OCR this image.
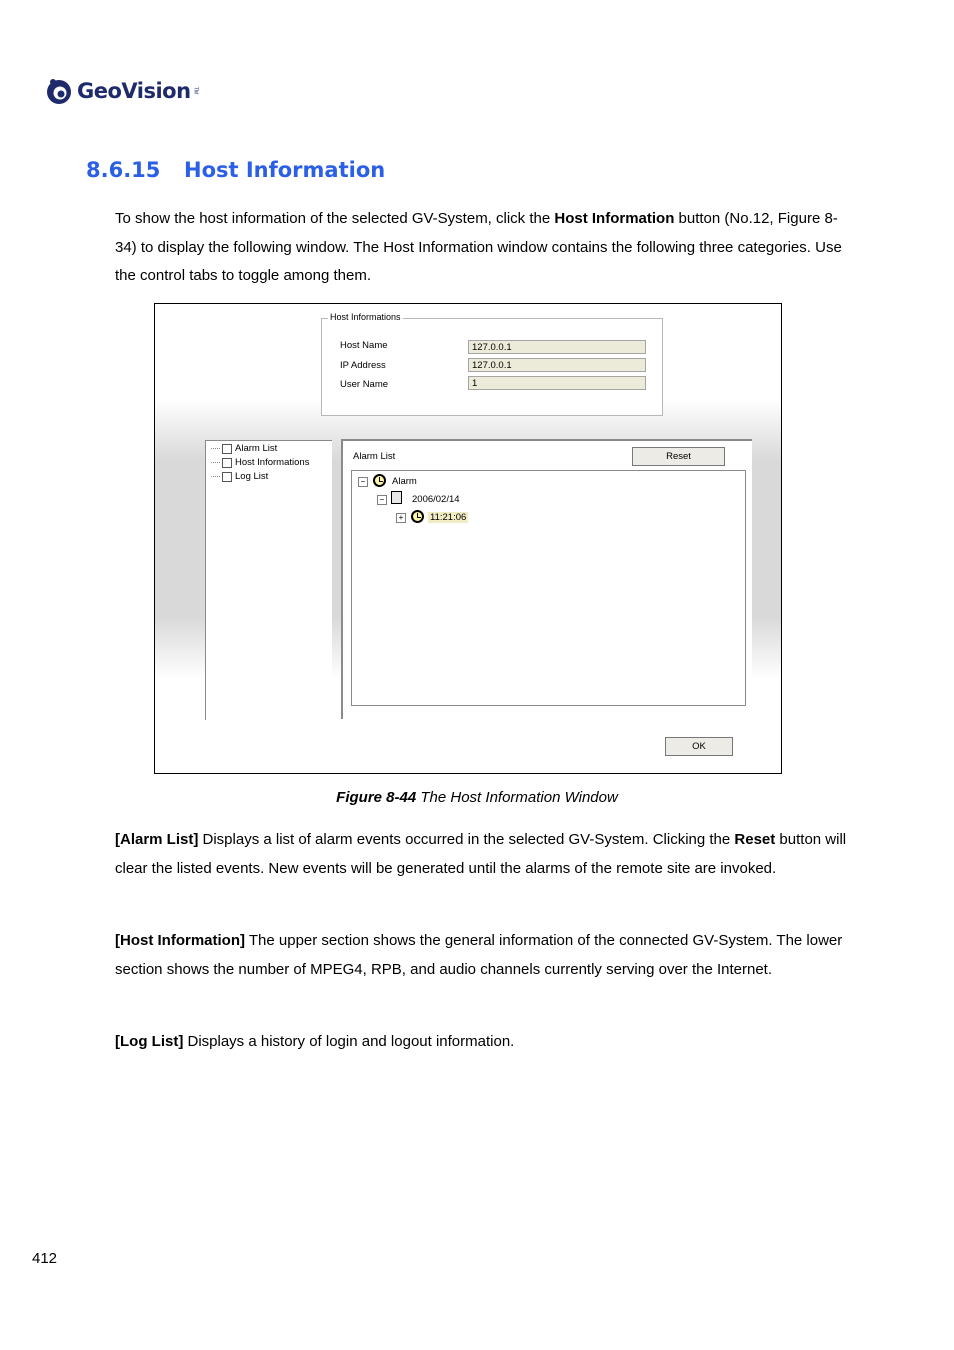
GeoVision TM
8.6.15 Host Information
To show the host information of the selected GV-System, click the Host Information button (No.12, Figure 8-34) to display the following window. The Host Information window contains the following three categories. Use the control tabs to toggle among them.
Host Informations
Host Name	127.0.0.1
IP Address	127.0.0.1
User Name	1
Alarm List
Host Informations
Log List
Alarm List	Reset
−	Alarm
−	2006/02/14
+	11:21:06
OK
Figure 8-44 The Host Information Window
[Alarm List] Displays a list of alarm events occurred in the selected GV-System. Clicking the Reset button will clear the listed events. New events will be generated until the alarms of the remote site are invoked.
[Host Information] The upper section shows the general information of the connected GV-System. The lower section shows the number of MPEG4, RPB, and audio channels currently serving over the Internet.
[Log List] Displays a history of login and logout information.
412
